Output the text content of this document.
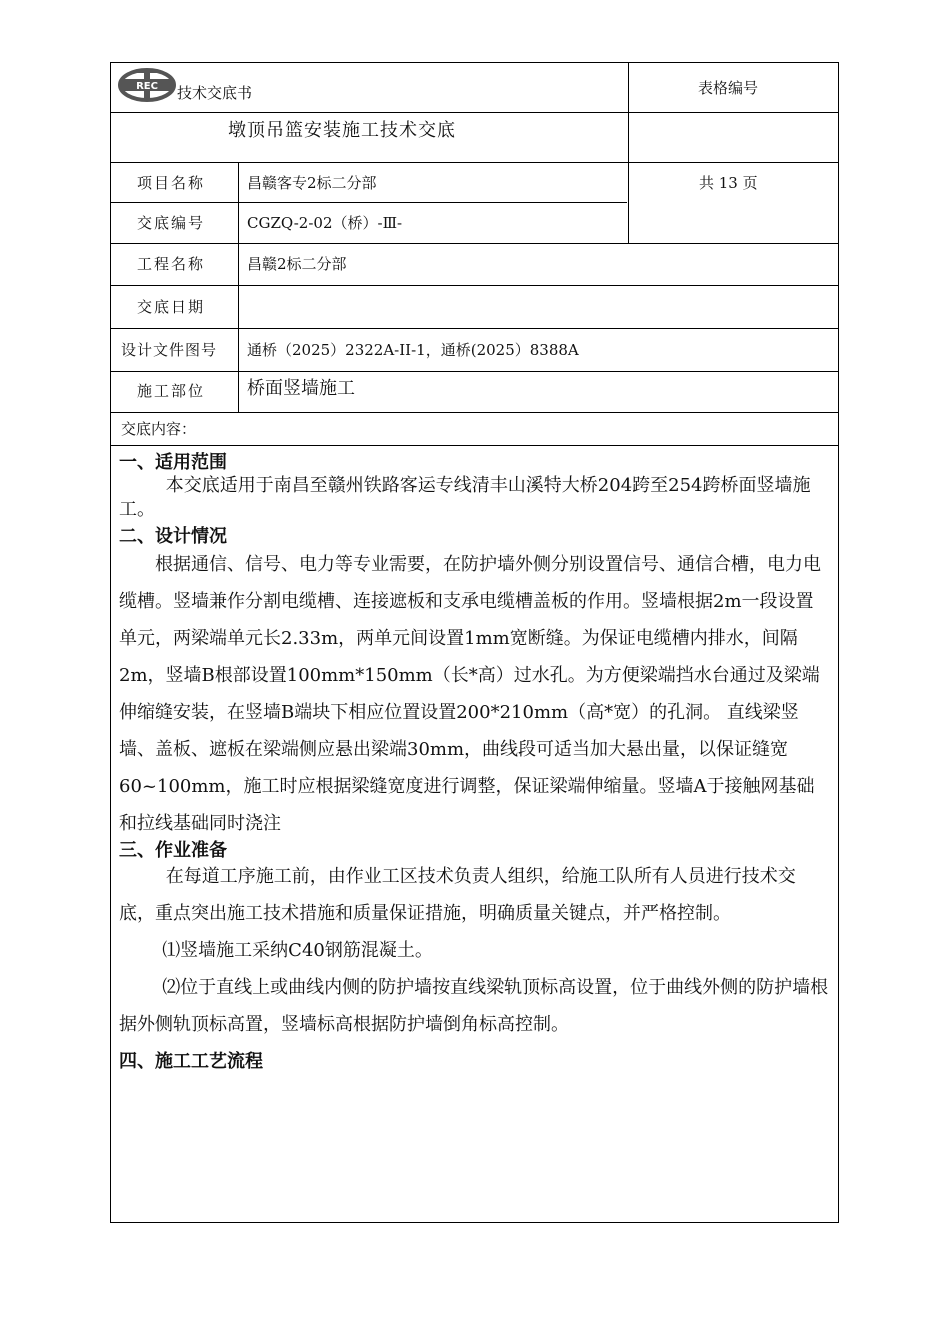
REC 技术交底书	表格编号
墩顶吊篮安装施工技术交底
项目名称	昌赣客专2标二分部	共 13 页
交底编号	CGZQ-2-02（桥）-Ⅲ-
工程名称	昌赣2标二分部
交底日期
设计文件图号 通桥（2025）2322A-II-1，通桥(2025）8388A
施工部位 桥面竖墙施工
交底内容：
一、适用范围
本交底适用于南昌至赣州铁路客运专线清丰山溪特大桥204跨至254跨桥面竖墙施工。
二、设计情况
根据通信、信号、电力等专业需要，在防护墙外侧分别设置信号、通信合槽，电力电缆槽。竖墙兼作分割电缆槽、连接遮板和支承电缆槽盖板的作用。竖墙根据2m一段设置单元，两梁端单元长2.33m，两单元间设置1mm宽断缝。为保证电缆槽内排水，间隔2m，竖墙B根部设置100mm*150mm（长*高）过水孔。为方便梁端挡水台通过及梁端伸缩缝安装，在竖墙B端块下相应位置设置200*210mm（高*宽）的孔洞。 直线梁竖墙、盖板、遮板在梁端侧应悬出梁端30mm，曲线段可适当加大悬出量，以保证缝宽60~100mm，施工时应根据梁缝宽度进行调整，保证梁端伸缩量。竖墙A于接触网基础和拉线基础同时浇注
三、作业准备
在每道工序施工前，由作业工区技术负责人组织，给施工队所有人员进行技术交底，重点突出施工技术措施和质量保证措施，明确质量关键点，并严格控制。
⑴竖墙施工采纳C40钢筋混凝土。
⑵位于直线上或曲线内侧的防护墙按直线梁轨顶标高设置，位于曲线外侧的防护墙根据外侧轨顶标高置，竖墙标高根据防护墙倒角标高控制。
四、施工工艺流程
